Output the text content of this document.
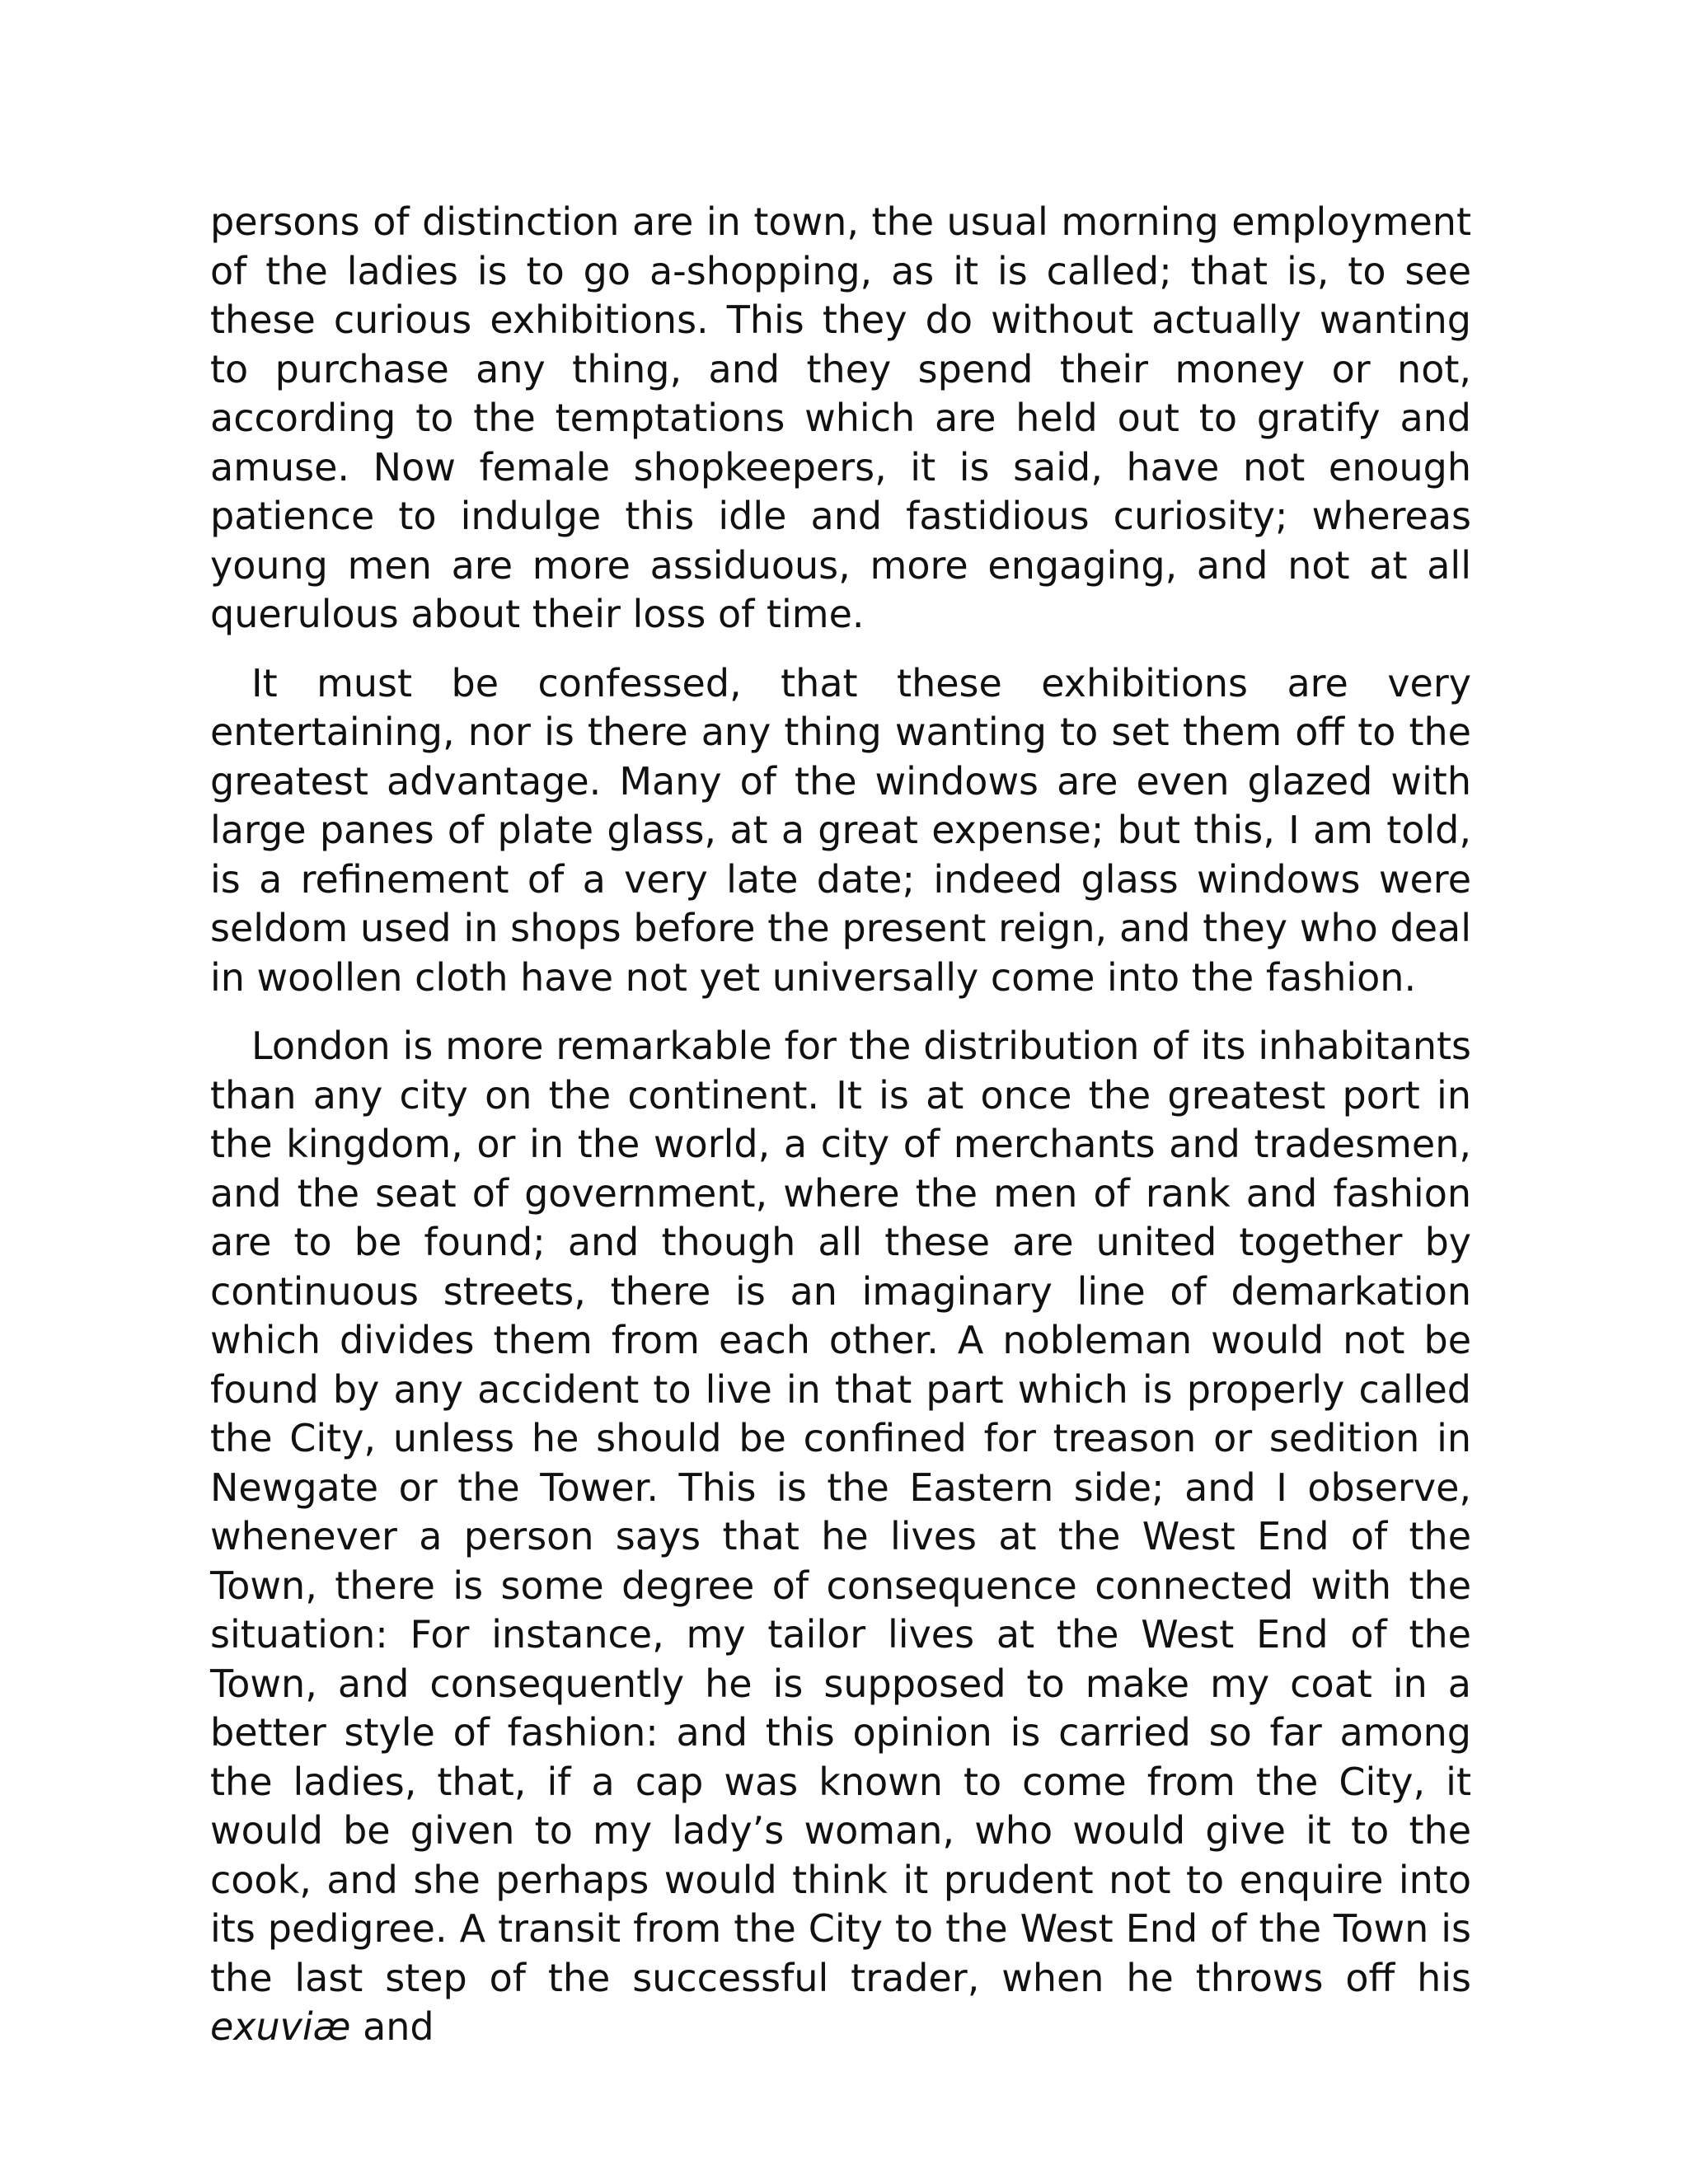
persons of distinction are in town, the usual morning employment of the ladies is to go a-shopping, as it is called; that is, to see these curious exhibitions. This they do without actually wanting to purchase any thing, and they spend their money or not, according to the temptations which are held out to gratify and amuse. Now female shopkeepers, it is said, have not enough patience to indulge this idle and fastidious curiosity; whereas young men are more assiduous, more engaging, and not at all querulous about their loss of time.

It must be confessed, that these exhibitions are very entertaining, nor is there any thing wanting to set them off to the greatest advantage. Many of the windows are even glazed with large panes of plate glass, at a great expense; but this, I am told, is a refinement of a very late date; indeed glass windows were seldom used in shops before the present reign, and they who deal in woollen cloth have not yet universally come into the fashion.

London is more remarkable for the distribution of its inhabitants than any city on the continent. It is at once the greatest port in the kingdom, or in the world, a city of merchants and tradesmen, and the seat of government, where the men of rank and fashion are to be found; and though all these are united together by continuous streets, there is an imaginary line of demarkation which divides them from each other. A nobleman would not be found by any accident to live in that part which is properly called the City, unless he should be confined for treason or sedition in Newgate or the Tower. This is the Eastern side; and I observe, whenever a person says that he lives at the West End of the Town, there is some degree of consequence connected with the situation: For instance, my tailor lives at the West End of the Town, and consequently he is supposed to make my coat in a better style of fashion: and this opinion is carried so far among the ladies, that, if a cap was known to come from the City, it would be given to my lady’s woman, who would give it to the cook, and she perhaps would think it prudent not to enquire into its pedigree. A transit from the City to the West End of the Town is the last step of the successful trader, when he throws off his exuviæ and
